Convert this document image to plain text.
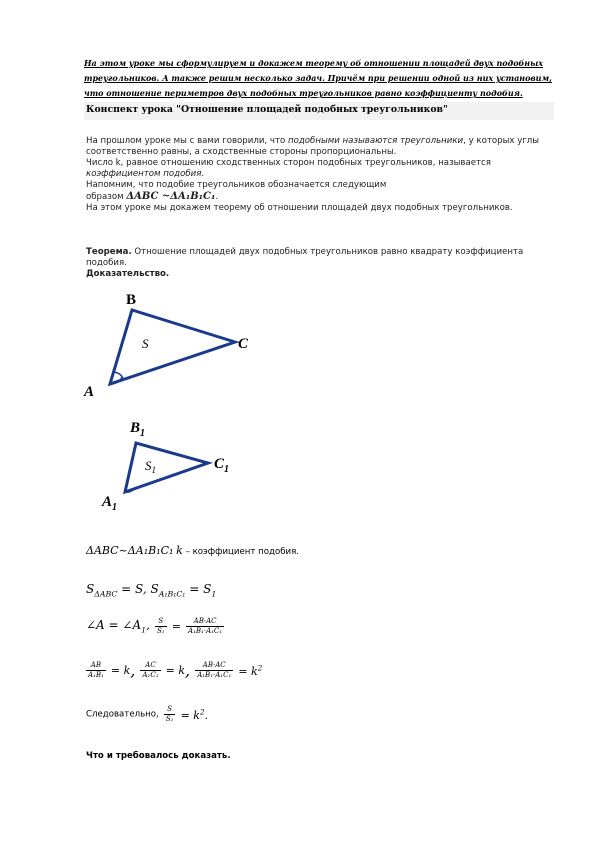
На этом уроке мы сформулируем и докажем теорему об отношении площадей двух подобных треугольников. А также решим несколько задач. Причём при решении одной из них установим, что отношение периметров двух подобных треугольников равно коэффициенту подобия.
Конспект урока "Отношение площадей подобных треугольников"
На прошлом уроке мы с вами говорили, что подобными называются треугольники, у которых углы соответственно равны, а сходственные стороны пропорциональны.
Число k, равное отношению сходственных сторон подобных треугольников, называется коэффициентом подобия.
Напомним, что подобие треугольников обозначается следующим
образом ΔABC ~ΔA₁B₁C₁.
На этом уроке мы докажем теорему об отношении площадей двух подобных треугольников.
Теорема. Отношение площадей двух подобных треугольников равно квадрату коэффициента подобия.
Доказательство.
B
C
A
S
$B_1$
$C_1$
$A_1$
$S_1$
ΔABC~ΔA₁B₁C₁ k – коэффициент подобия.
$S_{\Delta ABC} = S$, $S_{A_1B_1C_1} = S_1$
∠A = $\angle A_1$, $\frac{S}{\text{S₁}} = \frac{AB\cdot AC}{\text{A₁B₁·A₁C₁}}$
$\frac{AB}{\text{A₁B₁}} = k$, $\frac{AC}{\text{A₁C₁}} = k$, $\frac{AB\cdot AC}{\text{A₁B₁·A₁C₁}} = k^2$
Следовательно, $\frac{S}{\text{S₁}} = k^2$.
Что и требовалось доказать.
